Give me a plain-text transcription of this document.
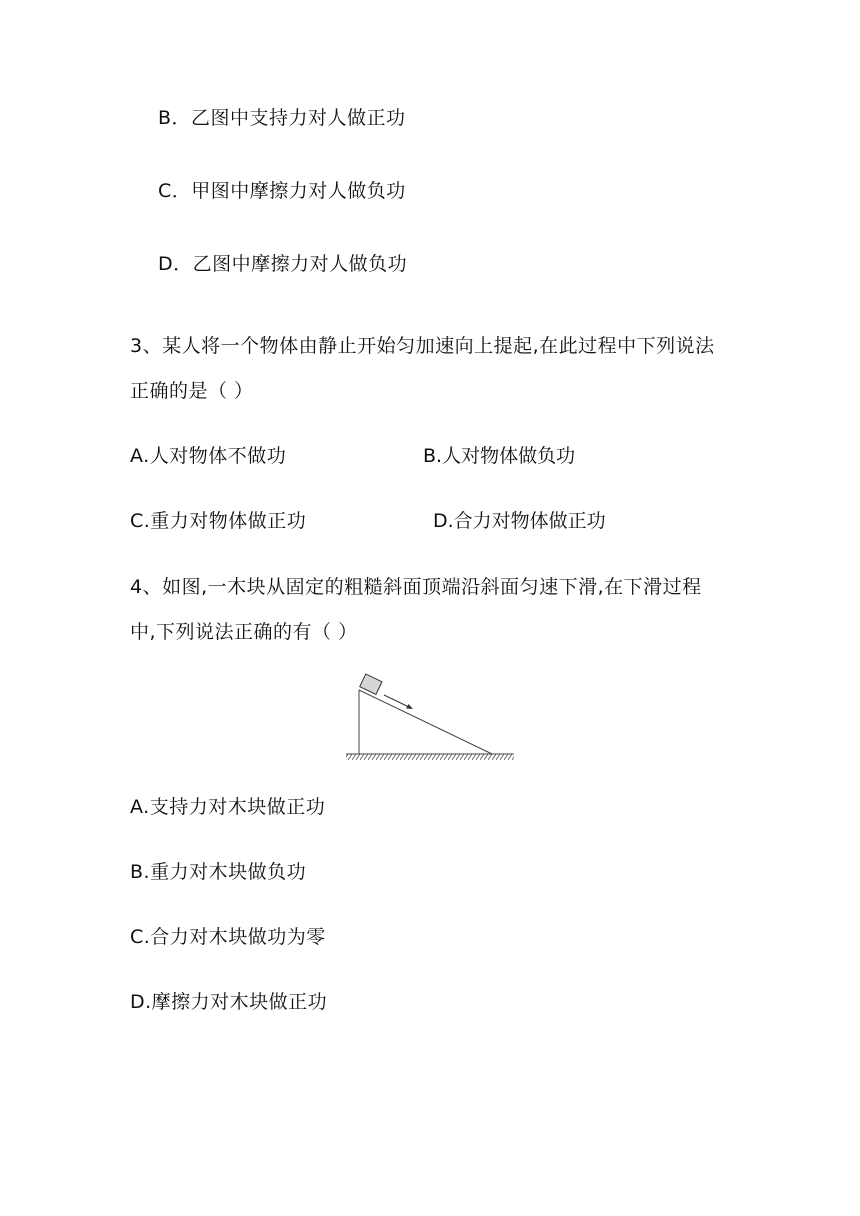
B．乙图中支持力对人做正功
C．甲图中摩擦力对人做负功
D．乙图中摩擦力对人做负功
3、某人将一个物体由静止开始匀加速向上提起,在此过程中下列说法
正确的是（ ）
A.人对物体不做功	B.人对物体做负功
C.重力对物体做正功	D.合力对物体做正功
4、如图,一木块从固定的粗糙斜面顶端沿斜面匀速下滑,在下滑过程
中,下列说法正确的有（ ）
A.支持力对木块做正功
B.重力对木块做负功
C.合力对木块做功为零
D.摩擦力对木块做正功
